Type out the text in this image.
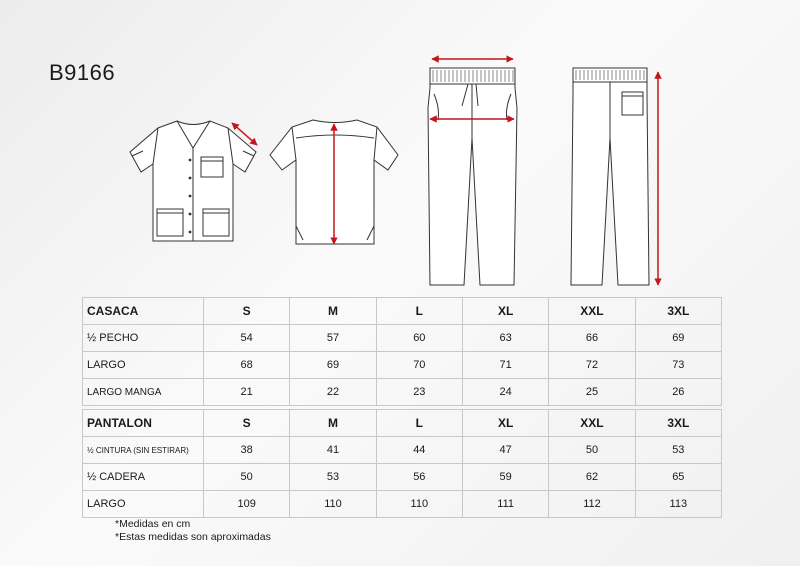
B9166
CASACA	S	M	L	XL	XXL	3XL
½ PECHO	54	57	60	63	66	69
LARGO	68	69	70	71	72	73
LARGO MANGA	21	22	23	24	25	26

PANTALON	S	M	L	XL	XXL	3XL
½ CINTURA (SIN ESTIRAR)	38	41	44	47	50	53
½ CADERA	50	53	56	59	62	65
LARGO	109	110	110	111	112	113
*Medidas en cm
*Estas medidas son aproximadas
